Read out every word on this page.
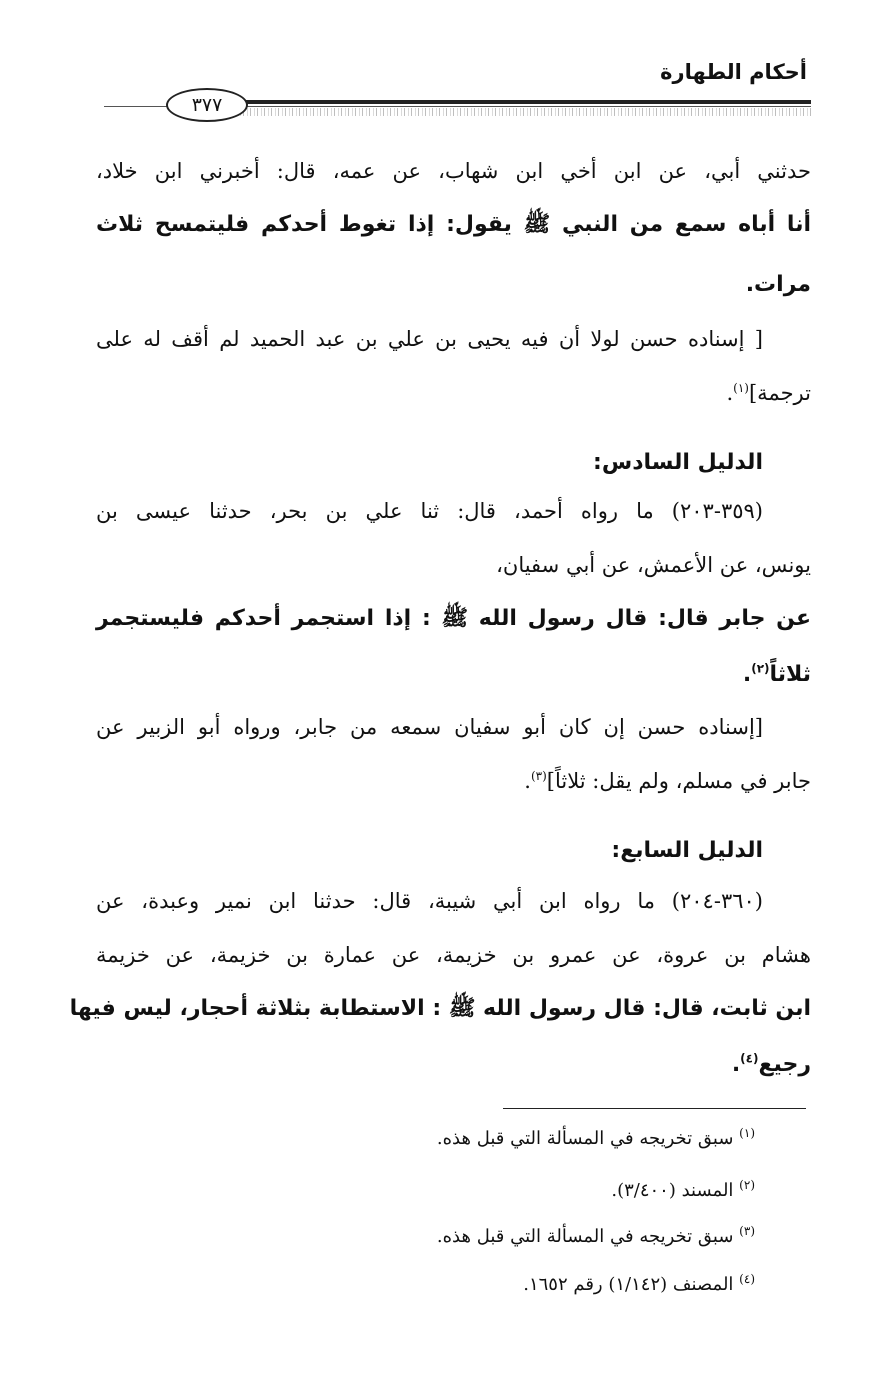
أحكام الطهارة
٣٧٧
حدثني أبي، عن ابن أخي ابن شهاب، عن عمه، قال: أخبرني ابن خلاد،
أنا أباه سمع من النبي ﷺ يقول: إذا تغوط أحدكم فليتمسح ثلاث
مرات.
[ إسناده حسن لولا أن فيه يحيى بن علي بن عبد الحميد لم أقف له على
ترجمة]$^{(١)}$.
الدليل السادس:
(٣٥٩-٢٠٣) ما رواه أحمد، قال: ثنا علي بن بحر، حدثنا عيسى بن
يونس، عن الأعمش، عن أبي سفيان،
عن جابر قال: قال رسول الله ﷺ : إذا استجمر أحدكم فليستجمر
ثلاثاً$^{(٢)}$.
[إسناده حسن إن كان أبو سفيان سمعه من جابر، ورواه أبو الزبير عن
جابر في مسلم، ولم يقل: ثلاثاً]$^{(٣)}$.
الدليل السابع:
(٣٦٠-٢٠٤) ما رواه ابن أبي شيبة، قال: حدثنا ابن نمير وعبدة، عن
هشام بن عروة، عن عمرو بن خزيمة، عن عمارة بن خزيمة، عن خزيمة
ابن ثابت، قال: قال رسول الله ﷺ : الاستطابة بثلاثة أحجار، ليس فيها
رجيع$^{(٤)}$.
$^{(١)}$ سبق تخريجه في المسألة التي قبل هذه.
$^{(٢)}$ المسند (٣/٤٠٠).
$^{(٣)}$ سبق تخريجه في المسألة التي قبل هذه.
$^{(٤)}$ المصنف (١/١٤٢) رقم ١٦٥٢.
